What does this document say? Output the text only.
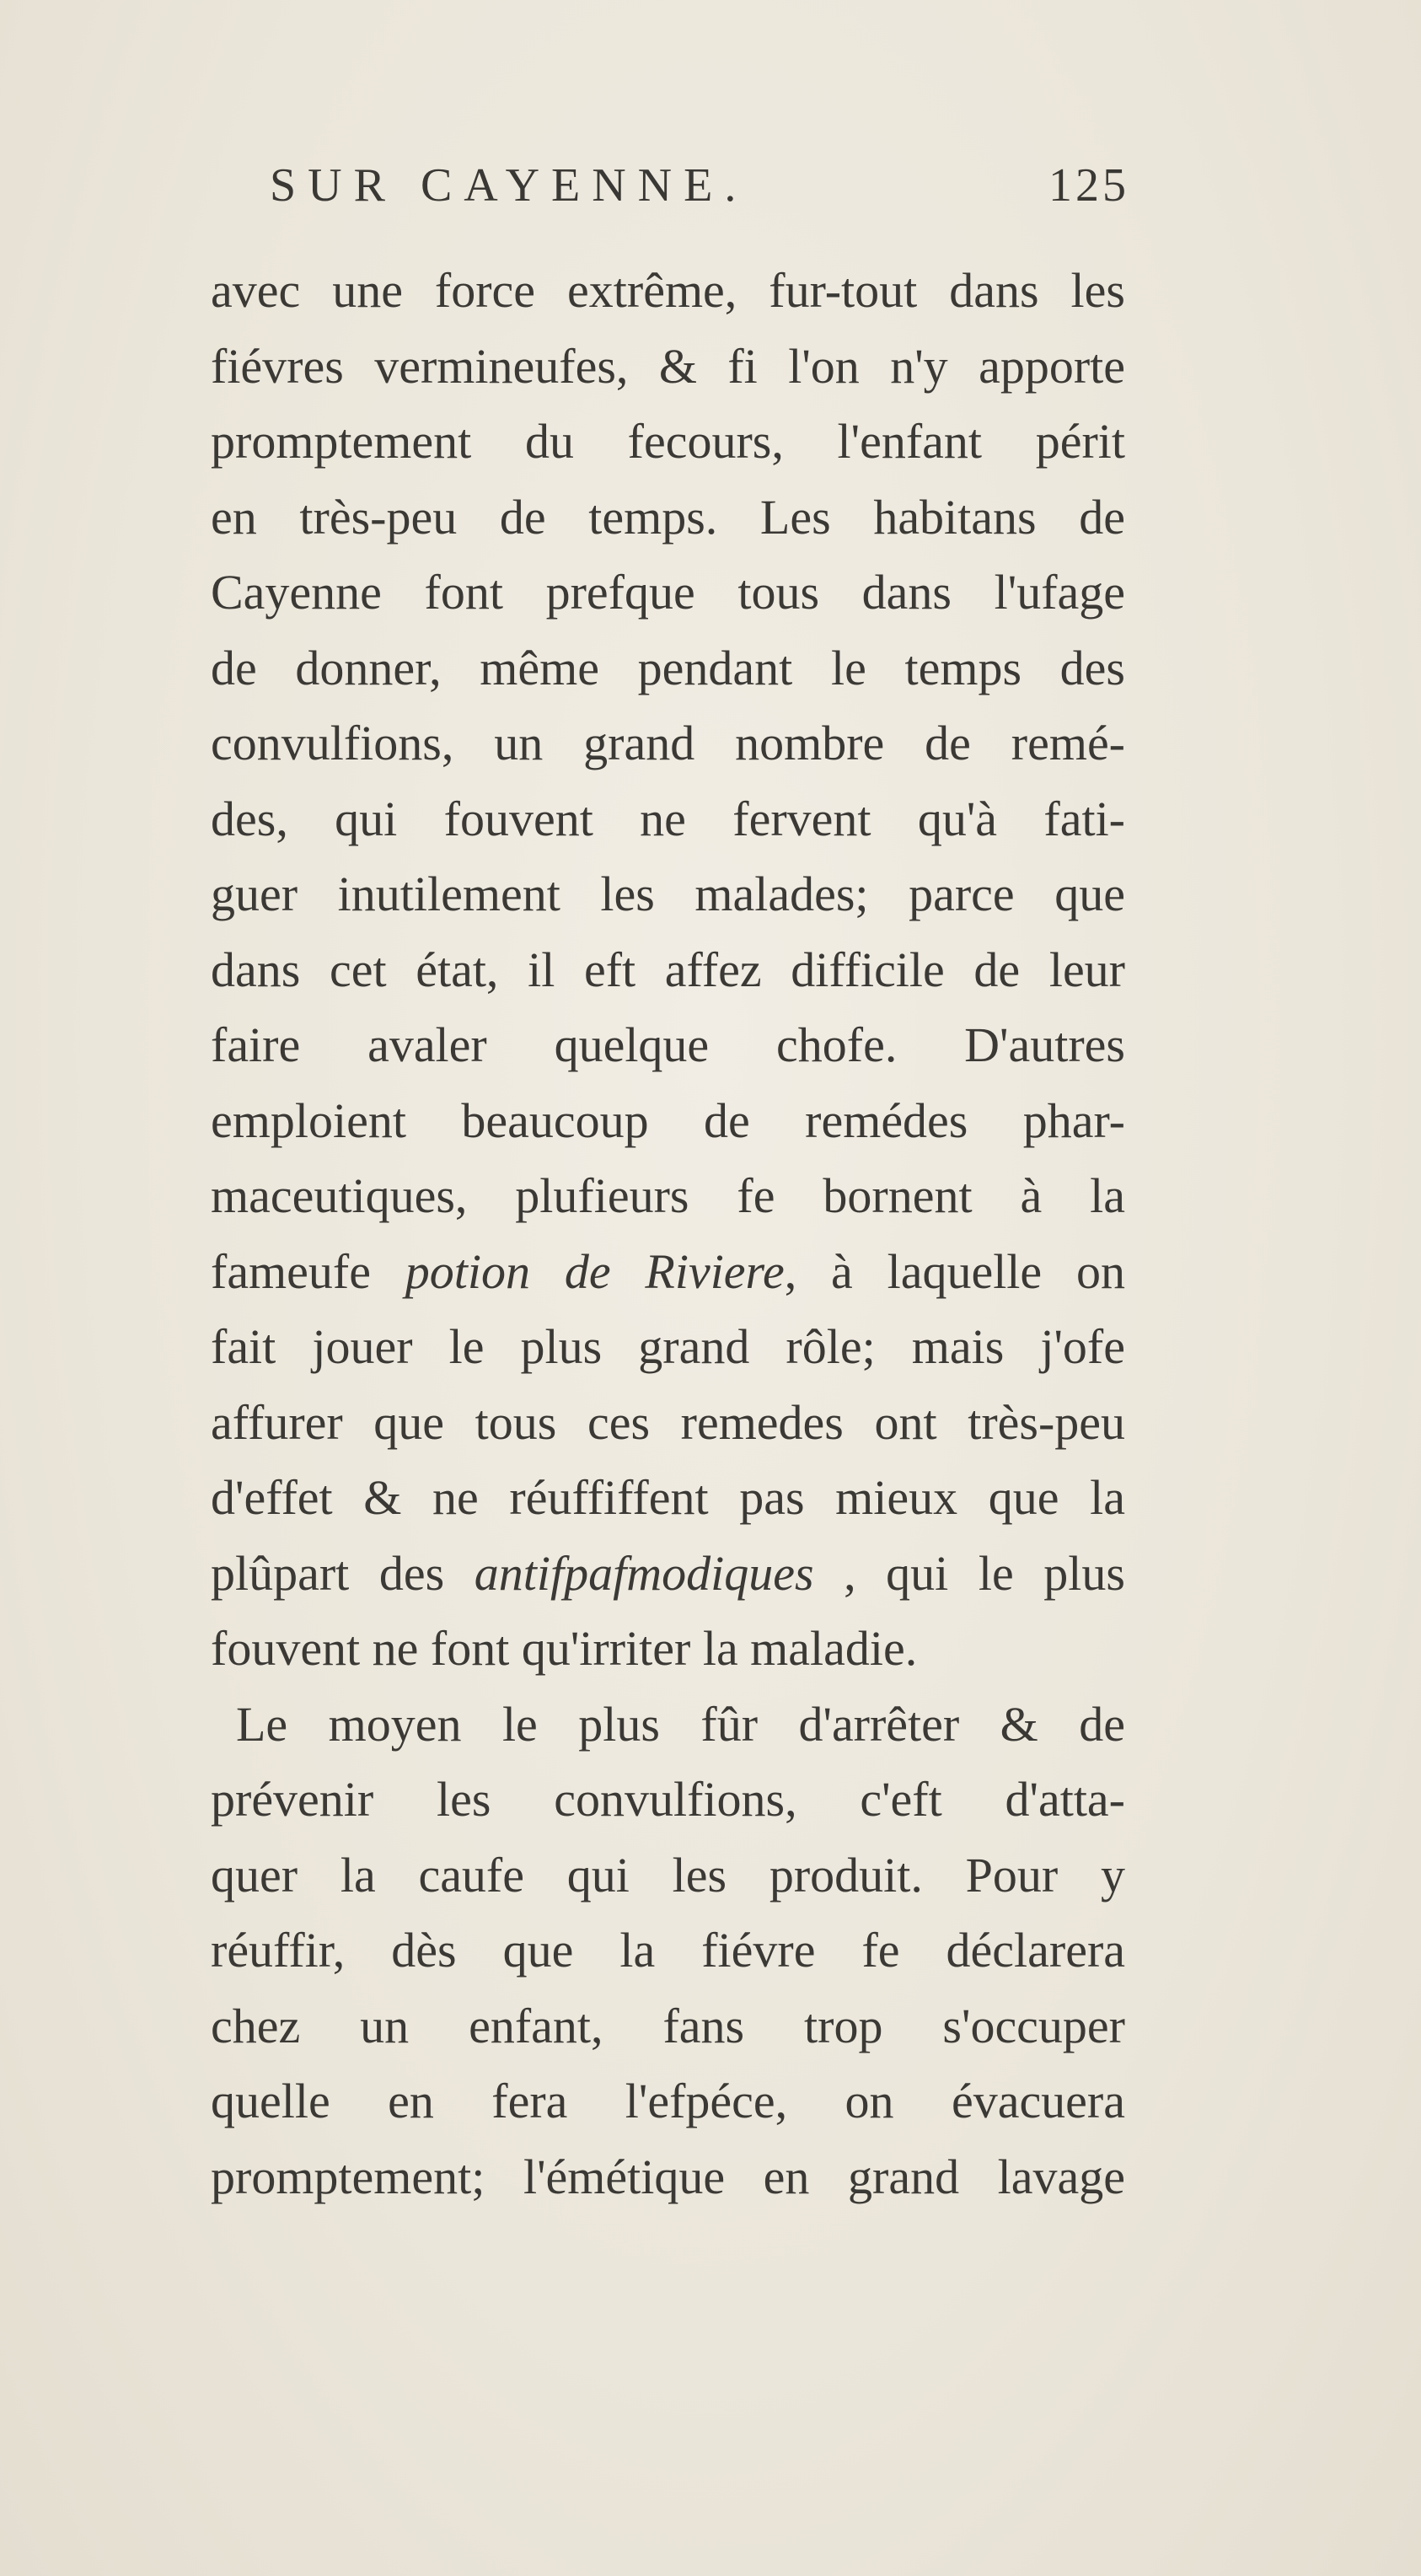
SUR CAYENNE.	125
avec une force extrême, fur-tout dans les
fiévres vermineufes, & fi l'on n'y apporte
promptement du fecours, l'enfant périt
en très-peu de temps. Les habitans de
Cayenne font prefque tous dans l'ufage
de donner, même pendant le temps des
convulfions, un grand nombre de remé-
des, qui fouvent ne fervent qu'à fati-
guer inutilement les malades; parce que
dans cet état, il eft affez difficile de leur
faire avaler quelque chofe. D'autres
emploient beaucoup de remédes phar-
maceutiques, plufieurs fe bornent à la
fameufe potion de Riviere, à laquelle on
fait jouer le plus grand rôle; mais j'ofe
affurer que tous ces remedes ont très-peu
d'effet & ne réuffiffent pas mieux que la
plûpart des antifpafmodiques , qui le plus
fouvent ne font qu'irriter la maladie.
Le moyen le plus fûr d'arrêter & de
prévenir les convulfions, c'eft d'atta-
quer la caufe qui les produit. Pour y
réuffir, dès que la fiévre fe déclarera
chez un enfant, fans trop s'occuper
quelle en fera l'efpéce, on évacuera
promptement; l'émétique en grand lavage
